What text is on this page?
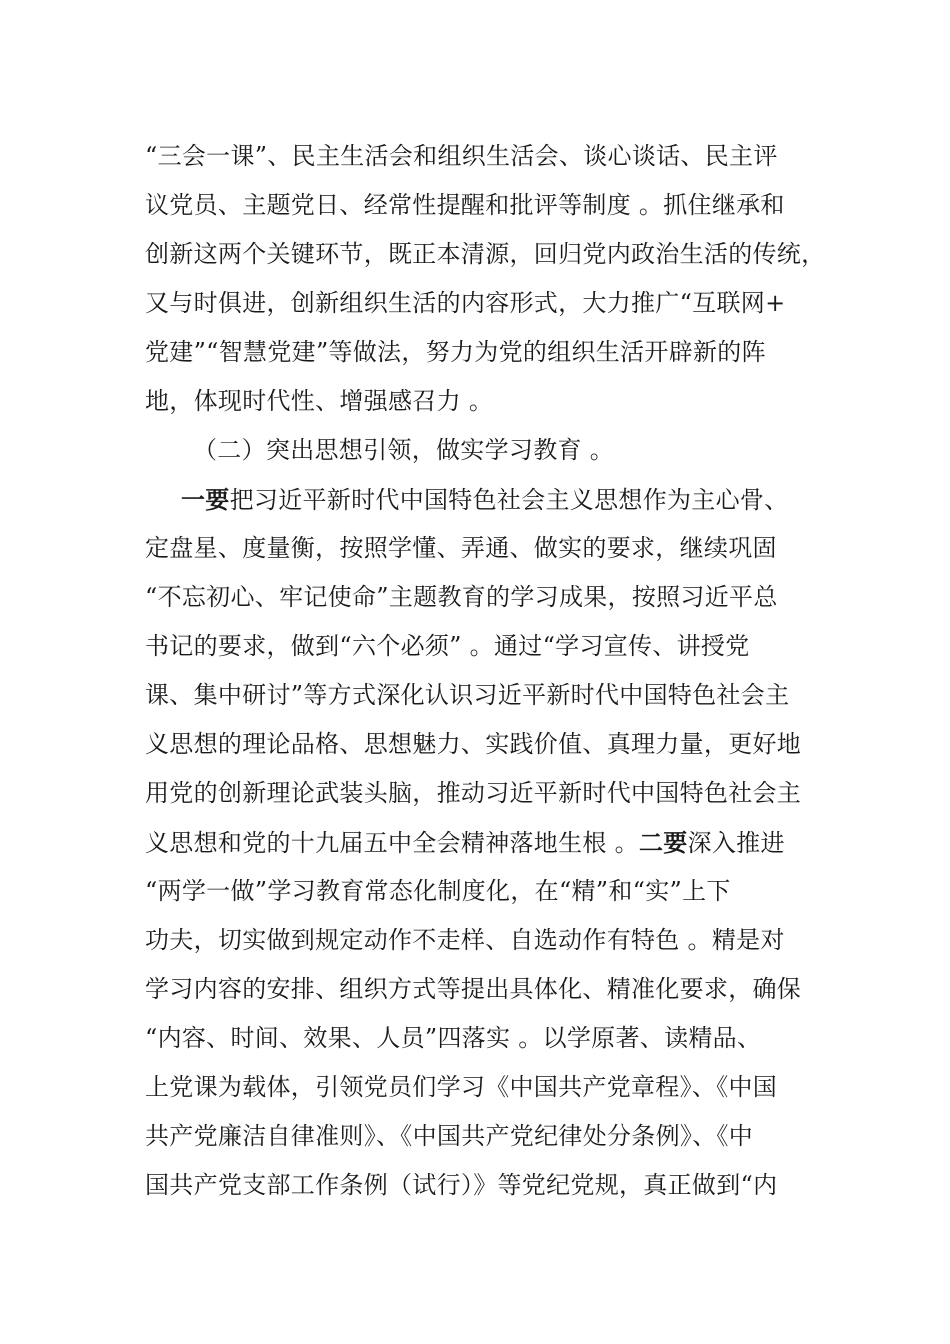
“三会一课”、民主生活会和组织生活会、谈心谈话、民主评
议党员、主题党日、经常性提醒和批评等制度 。抓住继承和
创新这两个关键环节，既正本清源，回归党内政治生活的传统，
又与时俱进，创新组织生活的内容形式，大力推广“互联网+
党建”“智慧党建”等做法，努力为党的组织生活开辟新的阵
地，体现时代性、增强感召力 。
（二）突出思想引领，做实学习教育 。
一要把习近平新时代中国特色社会主义思想作为主心骨、
定盘星、度量衡，按照学懂、弄通、做实的要求，继续巩固
“不忘初心、牢记使命”主题教育的学习成果，按照习近平总
书记的要求，做到“六个必须” 。通过“学习宣传、讲授党
课、集中研讨”等方式深化认识习近平新时代中国特色社会主
义思想的理论品格、思想魅力、实践价值、真理力量，更好地
用党的创新理论武装头脑，推动习近平新时代中国特色社会主
义思想和党的十九届五中全会精神落地生根 。二要深入推进
“两学一做”学习教育常态化制度化，在“精”和“实”上下
功夫，切实做到规定动作不走样、自选动作有特色 。精是对
学习内容的安排、组织方式等提出具体化、精准化要求，确保
“内容、时间、效果、人员”四落实 。以学原著、读精品、
上党课为载体，引领党员们学习《中国共产党章程》、《中国
共产党廉洁自律准则》、《中国共产党纪律处分条例》、《中
国共产党支部工作条例（试行）》等党纪党规，真正做到“内
